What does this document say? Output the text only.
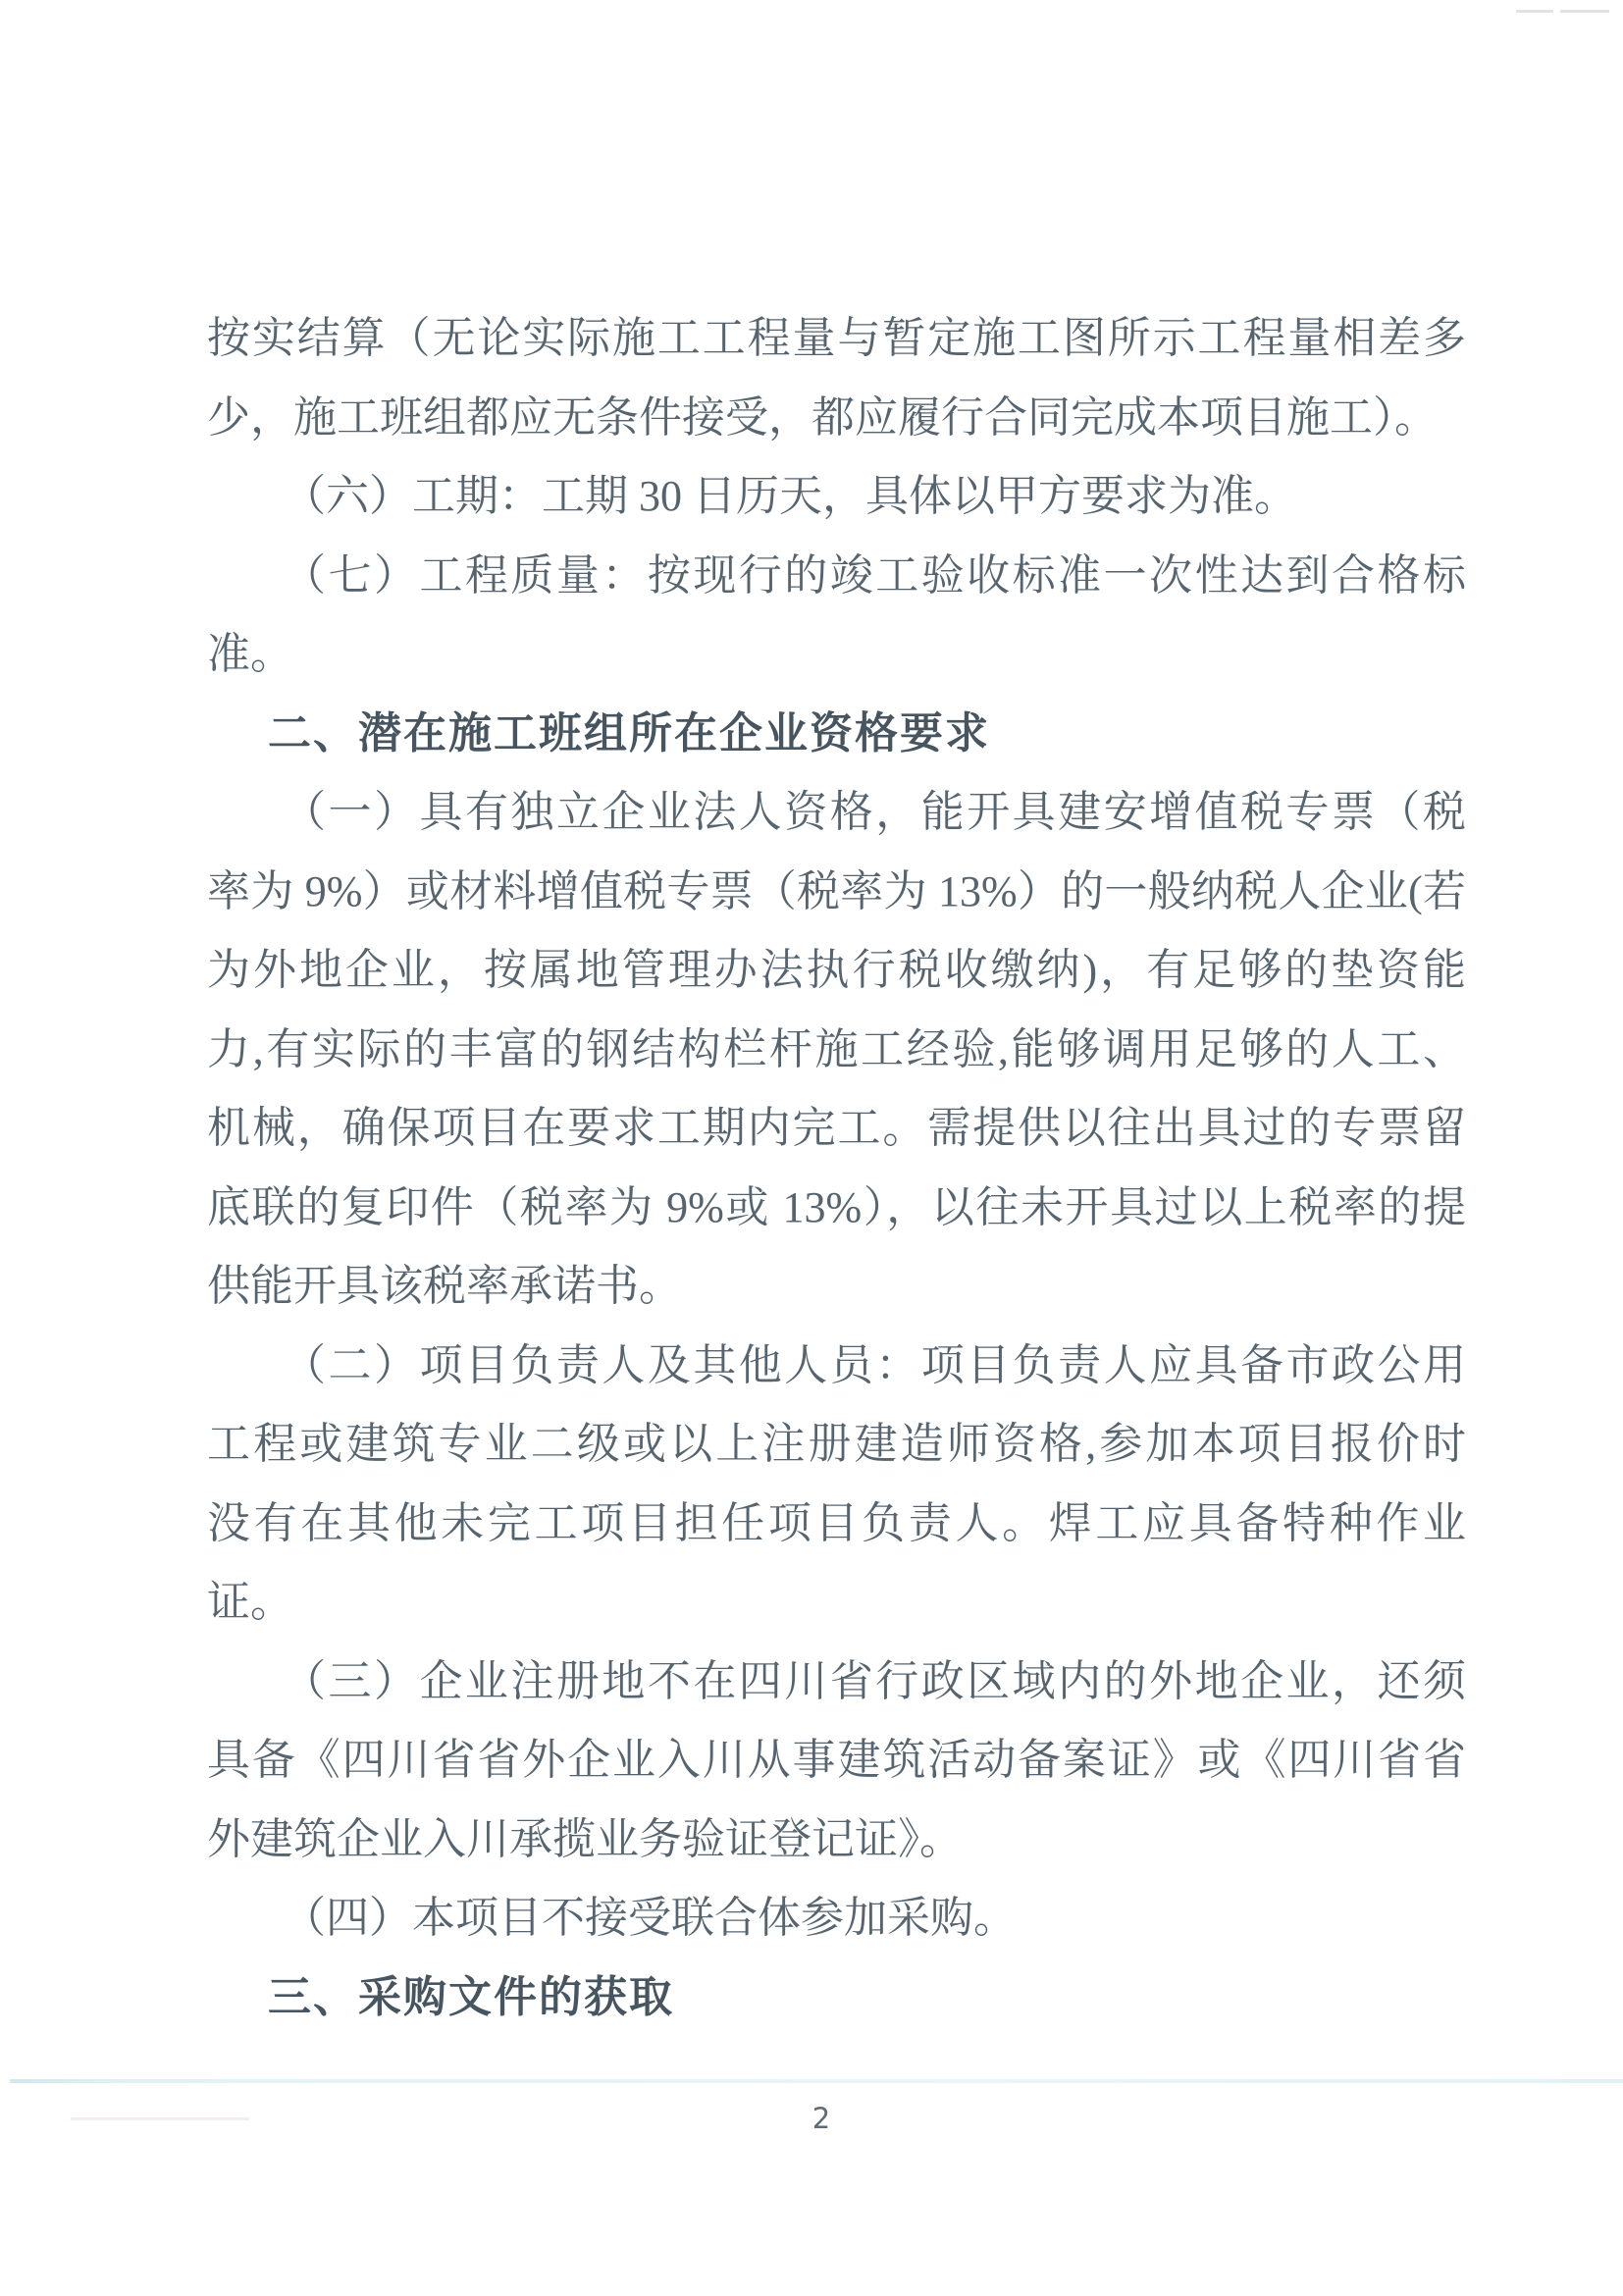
按实结算（无论实际施工工程量与暂定施工图所示工程量相差多
少，施工班组都应无条件接受，都应履行合同完成本项目施工）。
（六）工期：工期 30 日历天，具体以甲方要求为准。
（七）工程质量：按现行的竣工验收标准一次性达到合格标
准。
二、潜在施工班组所在企业资格要求
（一）具有独立企业法人资格，能开具建安增值税专票（税
率为 9%）或材料增值税专票（税率为 13%）的一般纳税人企业(若
为外地企业，按属地管理办法执行税收缴纳)，有足够的垫资能
力,有实际的丰富的钢结构栏杆施工经验,能够调用足够的人工、
机械，确保项目在要求工期内完工。需提供以往出具过的专票留
底联的复印件（税率为 9%或 13%），以往未开具过以上税率的提
供能开具该税率承诺书。
（二）项目负责人及其他人员：项目负责人应具备市政公用
工程或建筑专业二级或以上注册建造师资格,参加本项目报价时
没有在其他未完工项目担任项目负责人。焊工应具备特种作业
证。
（三）企业注册地不在四川省行政区域内的外地企业，还须
具备《四川省省外企业入川从事建筑活动备案证》或《四川省省
外建筑企业入川承揽业务验证登记证》。
（四）本项目不接受联合体参加采购。
三、采购文件的获取
2
